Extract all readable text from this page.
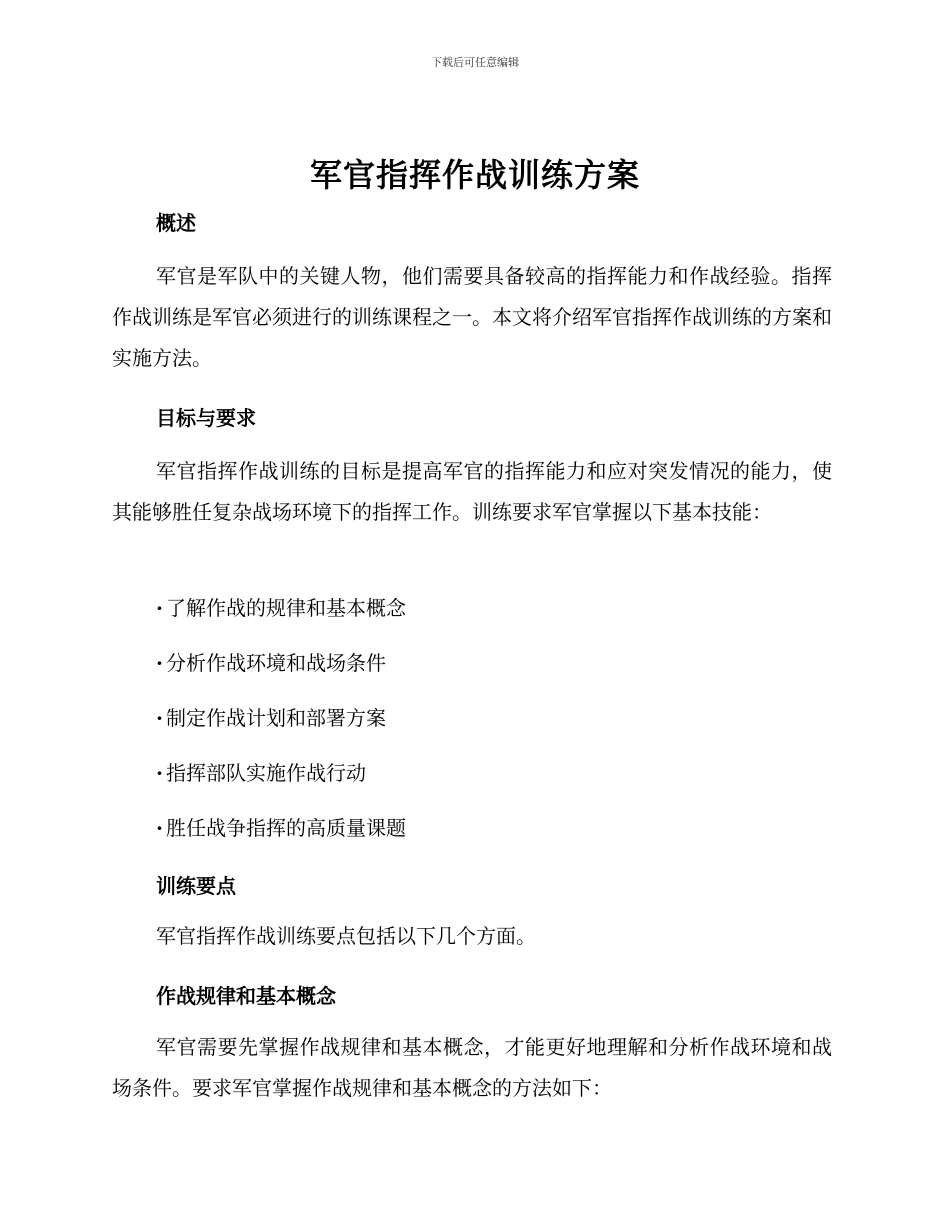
下载后可任意编辑
军官指挥作战训练方案
概述
军官是军队中的关键人物，他们需要具备较高的指挥能力和作战经验。指挥作战训练是军官必须进行的训练课程之一。本文将介绍军官指挥作战训练的方案和实施方法。
目标与要求
军官指挥作战训练的目标是提高军官的指挥能力和应对突发情况的能力，使其能够胜任复杂战场环境下的指挥工作。训练要求军官掌握以下基本技能：
· 了解作战的规律和基本概念
· 分析作战环境和战场条件
· 制定作战计划和部署方案
· 指挥部队实施作战行动
· 胜任战争指挥的高质量课题
训练要点
军官指挥作战训练要点包括以下几个方面。
作战规律和基本概念
军官需要先掌握作战规律和基本概念，才能更好地理解和分析作战环境和战场条件。要求军官掌握作战规律和基本概念的方法如下：
